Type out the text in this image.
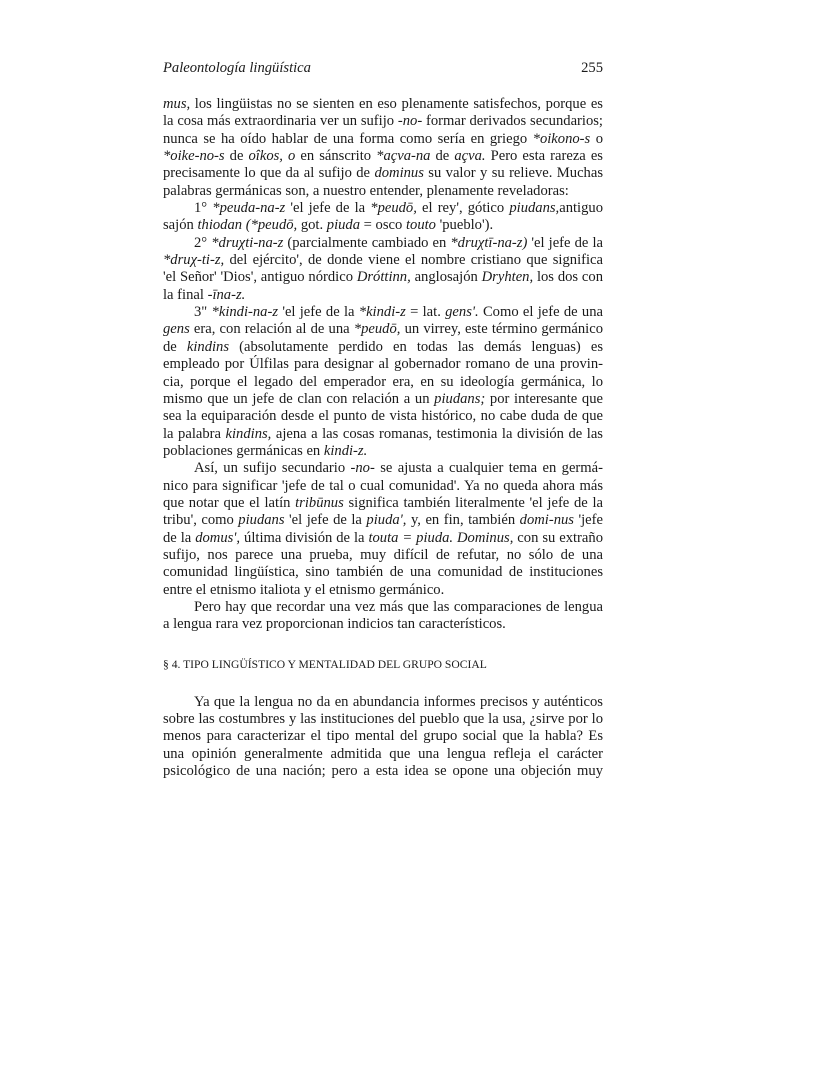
Paleontología lingüística	255

mus, los lingüistas no se sienten en eso plenamente satisfechos, porque es la cosa más extraordinaria ver un sufijo -no- formar derivados secundarios; nunca se ha oído hablar de una forma como sería en griego *oikono-s o *oike-no-s de oîkos, o en sánscrito *açva-na de açva. Pero esta rareza es precisamente lo que da al sufijo de dominus su valor y su relieve. Muchas palabras germánicas son, a nuestro entender, plenamente reveladoras:

1° *peuda-na-z 'el jefe de la *peudō, el rey', gótico piudans,antiguo sajón thiodan (*peudō, got. piuda = osco touto 'pueblo').

2° *druχti-na-z (parcialmente cambiado en *druχtī-na-z) 'el jefe de la *druχ-ti-z, del ejército', de donde viene el nombre cristiano que significa 'el Señor' 'Dios', antiguo nórdico Dróttinn, anglosajón Dryhten, los dos con la final -īna-z.

3" *kindi-na-z 'el jefe de la *kindi-z = lat. gens'. Como el jefe de una gens era, con relación al de una *peudō, un virrey, este término germánico de kindins (absolutamente perdido en todas las demás lenguas) es empleado por Úlfilas para designar al gobernador romano de una provincia, porque el legado del emperador era, en su ideología germánica, lo mismo que un jefe de clan con relación a un piudans; por interesante que sea la equiparación desde el punto de vista histórico, no cabe duda de que la palabra kindins, ajena a las cosas romanas, testimonia la división de las poblaciones germánicas en kindi-z.

Así, un sufijo secundario -no- se ajusta a cualquier tema en germánico para significar 'jefe de tal o cual comunidad'. Ya no queda ahora más que notar que el latín tribūnus significa también literalmente 'el jefe de la tribu', como piudans 'el jefe de la piuda', y, en fin, también domi-nus 'jefe de la domus', última división de la touta = piuda. Dominus, con su extraño sufijo, nos parece una prueba, muy difícil de refutar, no sólo de una comunidad lingüística, sino también de una comunidad de instituciones entre el etnismo italiota y el etnismo germánico.

Pero hay que recordar una vez más que las comparaciones de lengua a lengua rara vez proporcionan indicios tan característicos.

§ 4. TIPO LINGÜÍSTICO Y MENTALIDAD DEL GRUPO SOCIAL

Ya que la lengua no da en abundancia informes precisos y auténticos sobre las costumbres y las instituciones del pueblo que la usa, ¿sirve por lo menos para caracterizar el tipo mental del grupo social que la habla? Es una opinión generalmente admitida que una lengua refleja el carácter psicológico de una nación; pero a esta idea se opone una objeción muy
